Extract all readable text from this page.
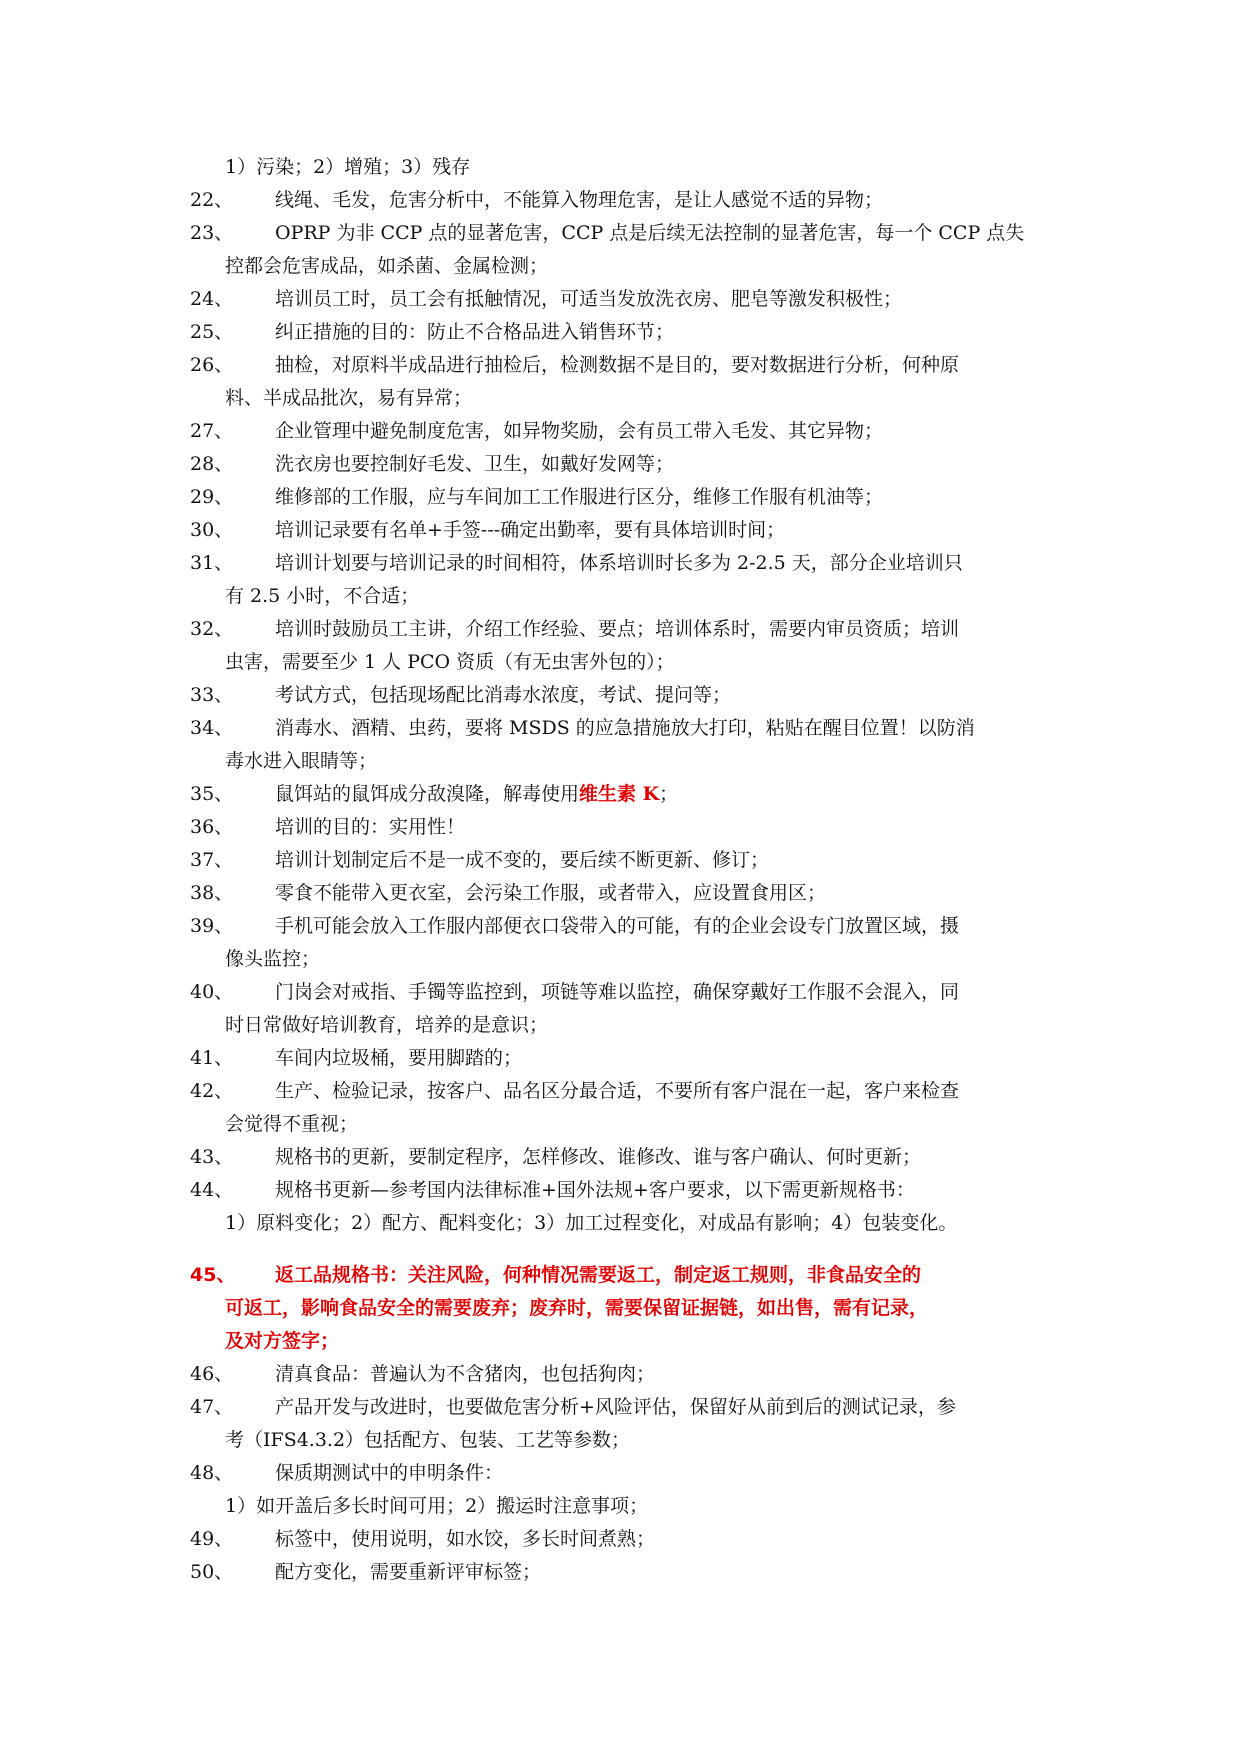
1）污染；2）增殖；3）残存
22、 线绳、毛发，危害分析中，不能算入物理危害，是让人感觉不适的异物；
23、 OPRP 为非 CCP 点的显著危害，CCP 点是后续无法控制的显著危害，每一个 CCP 点失
控都会危害成品，如杀菌、金属检测；
24、 培训员工时，员工会有抵触情况，可适当发放洗衣房、肥皂等激发积极性；
25、 纠正措施的目的：防止不合格品进入销售环节；
26、 抽检，对原料半成品进行抽检后，检测数据不是目的，要对数据进行分析，何种原
料、半成品批次，易有异常；
27、 企业管理中避免制度危害，如异物奖励，会有员工带入毛发、其它异物；
28、 洗衣房也要控制好毛发、卫生，如戴好发网等；
29、 维修部的工作服，应与车间加工工作服进行区分，维修工作服有机油等；
30、 培训记录要有名单+手签---确定出勤率，要有具体培训时间；
31、 培训计划要与培训记录的时间相符，体系培训时长多为 2-2.5 天，部分企业培训只
有 2.5 小时，不合适；
32、 培训时鼓励员工主讲，介绍工作经验、要点；培训体系时，需要内审员资质；培训
虫害，需要至少 1 人 PCO 资质（有无虫害外包的）；
33、 考试方式，包括现场配比消毒水浓度，考试、提问等；
34、 消毒水、酒精、虫药，要将 MSDS 的应急措施放大打印，粘贴在醒目位置！以防消
毒水进入眼睛等；
35、 鼠饵站的鼠饵成分敌溴隆，解毒使用维生素 K；
36、 培训的目的：实用性！
37、 培训计划制定后不是一成不变的，要后续不断更新、修订；
38、 零食不能带入更衣室，会污染工作服，或者带入，应设置食用区；
39、 手机可能会放入工作服内部便衣口袋带入的可能，有的企业会设专门放置区域，摄
像头监控；
40、 门岗会对戒指、手镯等监控到，项链等难以监控，确保穿戴好工作服不会混入，同
时日常做好培训教育，培养的是意识；
41、 车间内垃圾桶，要用脚踏的；
42、 生产、检验记录，按客户、品名区分最合适，不要所有客户混在一起，客户来检查
会觉得不重视；
43、 规格书的更新，要制定程序，怎样修改、谁修改、谁与客户确认、何时更新；
44、 规格书更新—参考国内法律标准+国外法规+客户要求，以下需更新规格书：
1）原料变化；2）配方、配料变化；3）加工过程变化，对成品有影响；4）包装变化。
45、 返工品规格书：关注风险，何种情况需要返工，制定返工规则，非食品安全的
可返工，影响食品安全的需要废弃；废弃时，需要保留证据链，如出售，需有记录，
及对方签字；
46、 清真食品：普遍认为不含猪肉，也包括狗肉；
47、 产品开发与改进时，也要做危害分析+风险评估，保留好从前到后的测试记录，参
考（IFS4.3.2）包括配方、包装、工艺等参数；
48、 保质期测试中的申明条件：
1）如开盖后多长时间可用；2）搬运时注意事项；
49、 标签中，使用说明，如水饺，多长时间煮熟；
50、 配方变化，需要重新评审标签；
